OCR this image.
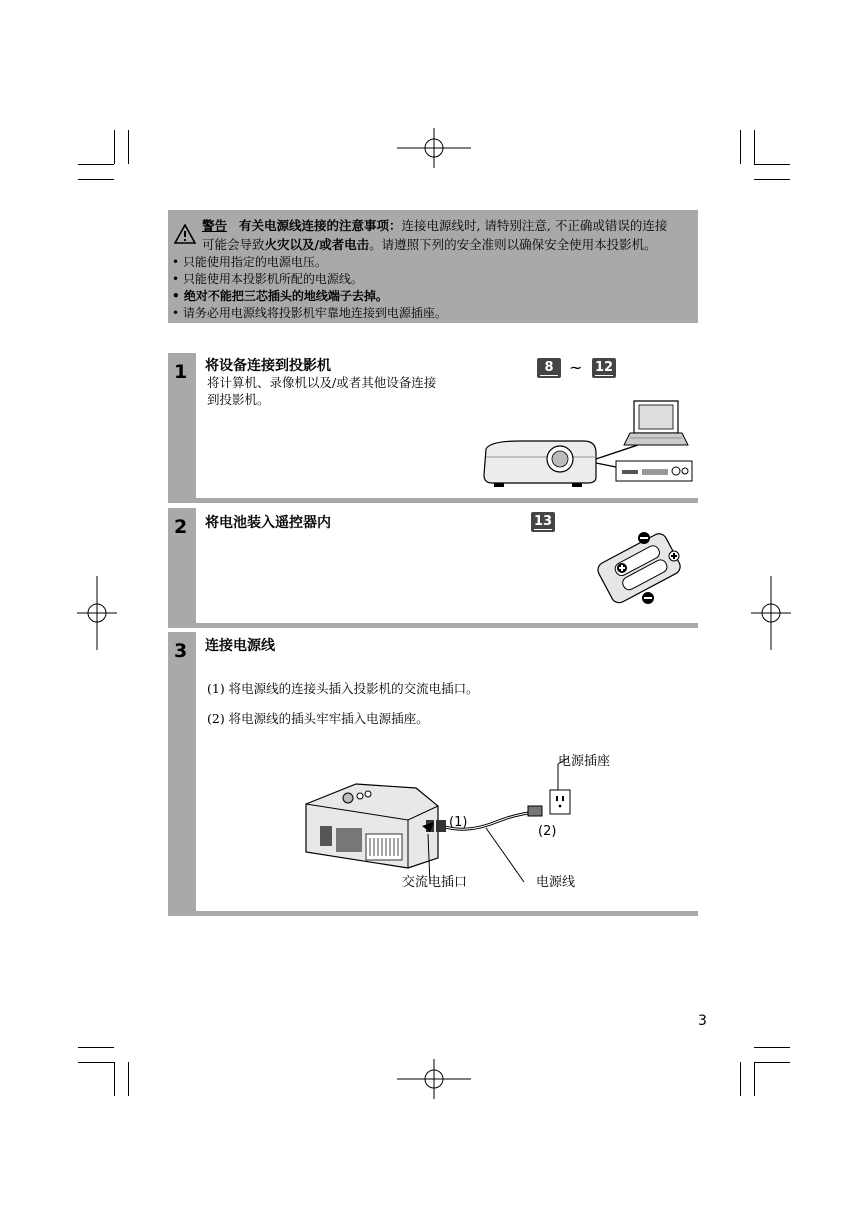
警告 有关电源线连接的注意事项：连接电源线时, 请特别注意, 不正确或错误的连接
可能会导致火灾以及/或者电击。请遵照下列的安全准则以确保安全使用本投影机。
• 只能使用指定的电源电压。
• 只能使用本投影机所配的电源线。
• 绝对不能把三芯插头的地线端子去掉。
• 请务必用电源线将投影机牢靠地连接到电源插座。
1 将设备连接到投影机
将计算机、录像机以及/或者其他设备连接
到投影机。
8 ~ 12
2 将电池装入遥控器内	13
3 连接电源线
(1) 将电源线的连接头插入投影机的交流电插口。
(2) 将电源线的插头牢牢插入电源插座。
电源插座
(1)
(2)
交流电插口	电源线
3
